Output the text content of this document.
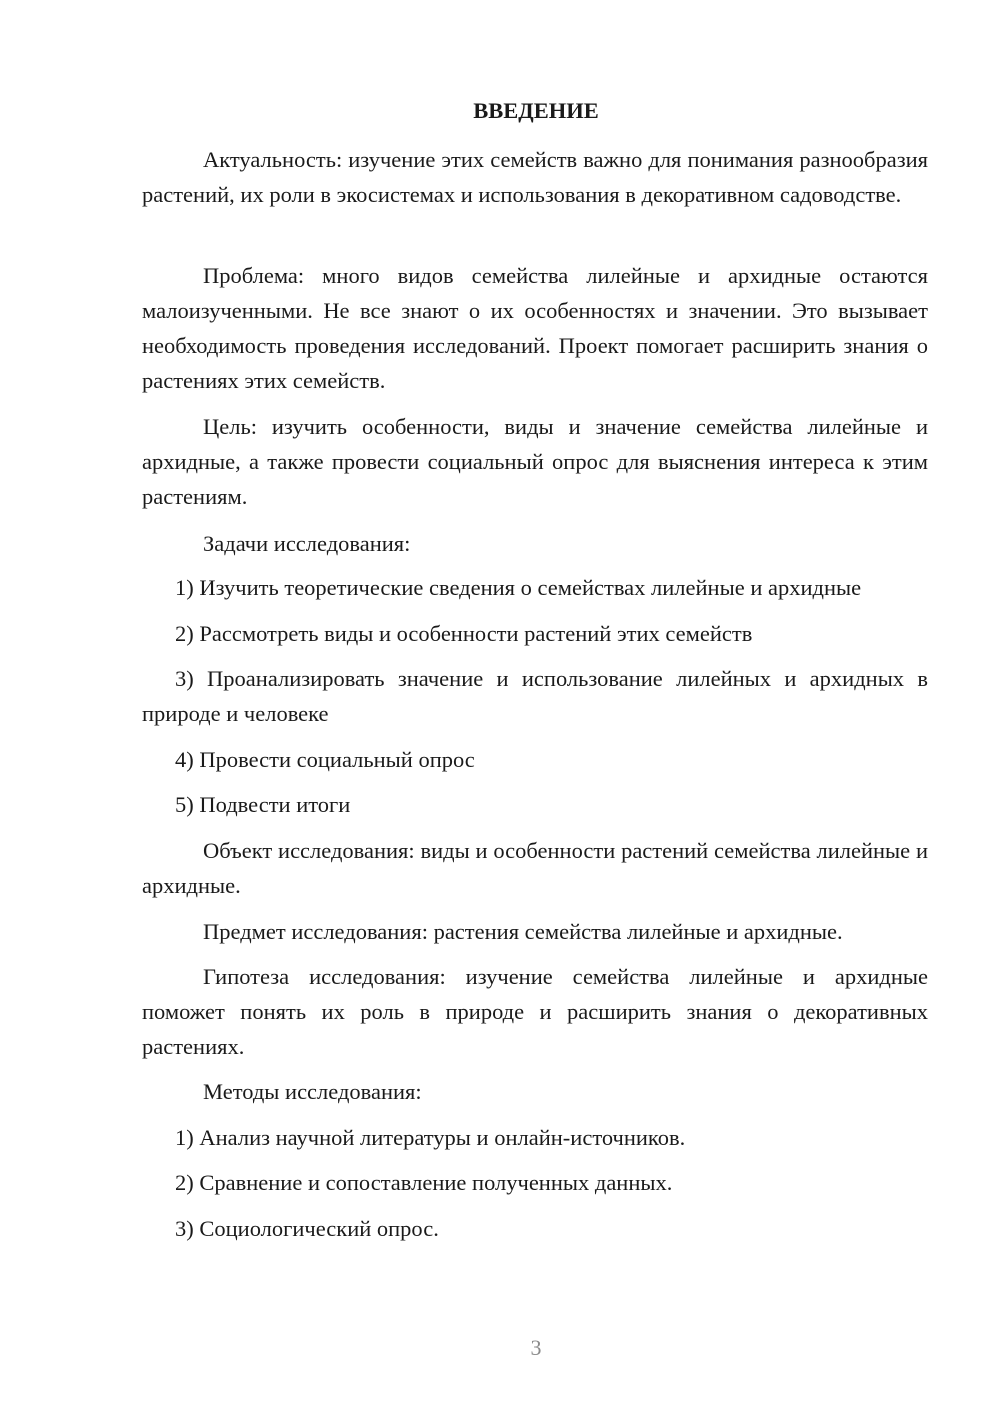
ВВЕДЕНИЕ

Актуальность: изучение этих семейств важно для понимания разнообразия растений, их роли в экосистемах и использования в декоративном садоводстве.

Проблема: много видов семейства лилейные и архидные остаются малоизученными. Не все знают о их особенностях и значении. Это вызывает необходимость проведения исследований. Проект помогает расширить знания о растениях этих семейств.

Цель: изучить особенности, виды и значение семейства лилейные и архидные, а также провести социальный опрос для выяснения интереса к этим растениям.

Задачи исследования:

1) Изучить теоретические сведения о семействах лилейные и архидные

2) Рассмотреть виды и особенности растений этих семейств

3) Проанализировать значение и использование лилейных и архидных в природе и человеке

4) Провести социальный опрос

5) Подвести итоги

Объект исследования: виды и особенности растений семейства лилейные и архидные.

Предмет исследования: растения семейства лилейные и архидные.

Гипотеза исследования: изучение семейства лилейные и архидные поможет понять их роль в природе и расширить знания о декоративных растениях.

Методы исследования:

1) Анализ научной литературы и онлайн-источников.

2) Сравнение и сопоставление полученных данных.

3) Социологический опрос.

3
